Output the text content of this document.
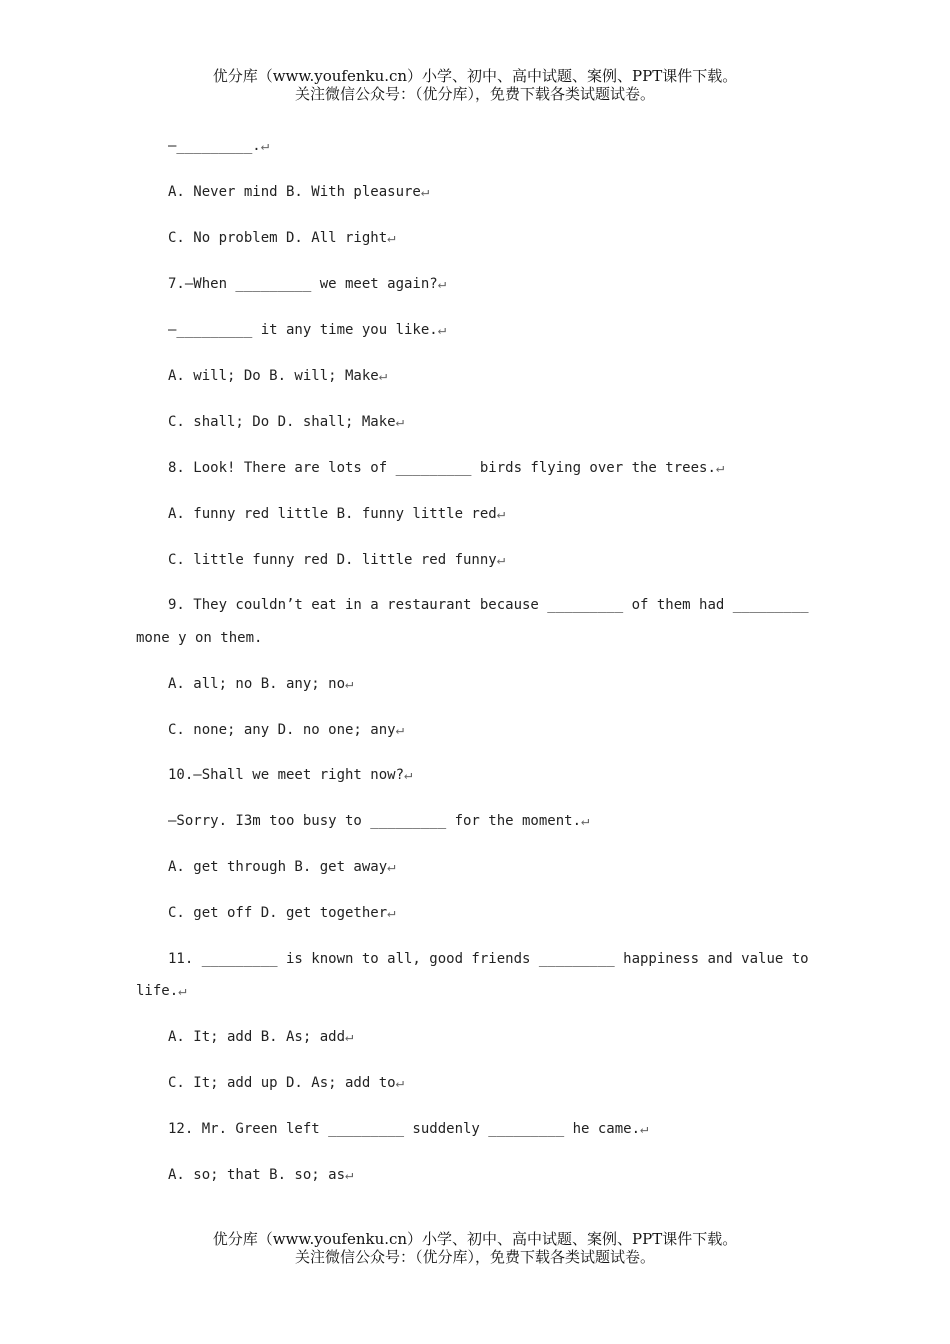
优分库（www.youfenku.cn）小学、初中、高中试题、案例、PPT课件下载。
关注微信公众号：（优分库），免费下载各类试题试卷。
—_________.↵
A. Never mind B. With pleasure↵
C. No problem D. All right↵
7.—When _________ we meet again?↵
—_________ it any time you like.↵
A. will; Do B. will; Make↵
C. shall; Do D. shall; Make↵
8. Look! There are lots of _________ birds flying over the trees.↵
A. funny red little B. funny little red↵
C. little funny red D. little red funny↵
9. They couldn’t eat in a restaurant because _________ of them had _________
mone y on them.
A. all; no B. any; no↵
C. none; any D. no one; any↵
10.—Shall we meet right now?↵
—Sorry. I3m too busy to _________ for the moment.↵
A. get through B. get away↵
C. get off D. get together↵
11. _________ is known to all, good friends _________ happiness and value to
life.↵
A. It; add B. As; add↵
C. It; add up D. As; add to↵
12. Mr. Green left _________ suddenly _________ he came.↵
A. so; that B. so; as↵
优分库（www.youfenku.cn）小学、初中、高中试题、案例、PPT课件下载。
关注微信公众号：（优分库），免费下载各类试题试卷。
